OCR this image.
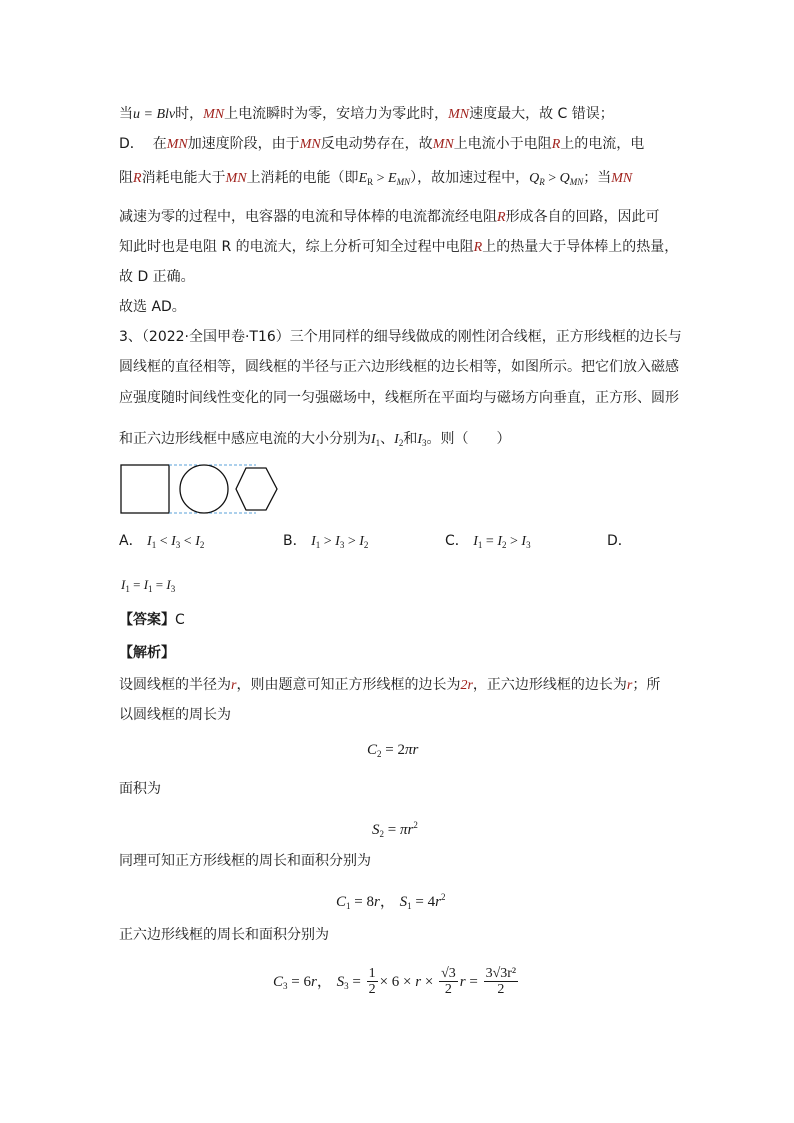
当u = Blv时，MN上电流瞬时为零，安培力为零此时，MN速度最大，故 C 错误；
D． 在MN加速度阶段，由于MN反电动势存在，故MN上电流小于电阻R上的电流，电
阻R消耗电能大于MN上消耗的电能（即$E_R > E_{MN}$），故加速过程中，$Q_R > Q_{MN}$；当MN
减速为零的过程中，电容器的电流和导体棒的电流都流经电阻R形成各自的回路，因此可
知此时也是电阻 R 的电流大，综上分析可知全过程中电阻R上的热量大于导体棒上的热量，
故 D 正确。
故选 AD。
3、（2022·全国甲卷·T16）三个用同样的细导线做成的刚性闭合线框，正方形线框的边长与
圆线框的直径相等，圆线框的半径与正六边形线框的边长相等，如图所示。把它们放入磁感
应强度随时间线性变化的同一匀强磁场中，线框所在平面均与磁场方向垂直，正方形、圆形
和正六边形线框中感应电流的大小分别为$I_1$、$I_2$和$I_3$。则（　　）
A． $I_1 < I_3 < I_2$	B． $I_1 > I_3 > I_2$	C． $I_1 = I_2 > I_3$	D．
$I_1 = I_1 = I_3$
【答案】C
【解析】
设圆线框的半径为r，则由题意可知正方形线框的边长为2r，正六边形线框的边长为r；所
以圆线框的周长为
$C_2 = 2\pi r$
面积为
$S_2 = \pi r^2$
同理可知正方形线框的周长和面积分别为
$C_1 = 8r$， $S_1 = 4r^2$
正六边形线框的周长和面积分别为
$C_3 = 6r$， $S_3 = \frac{1}{2} \times 6 \times r \times \frac{√3}{2}$ $r = \frac{\text{3√3r²}}{2}$
